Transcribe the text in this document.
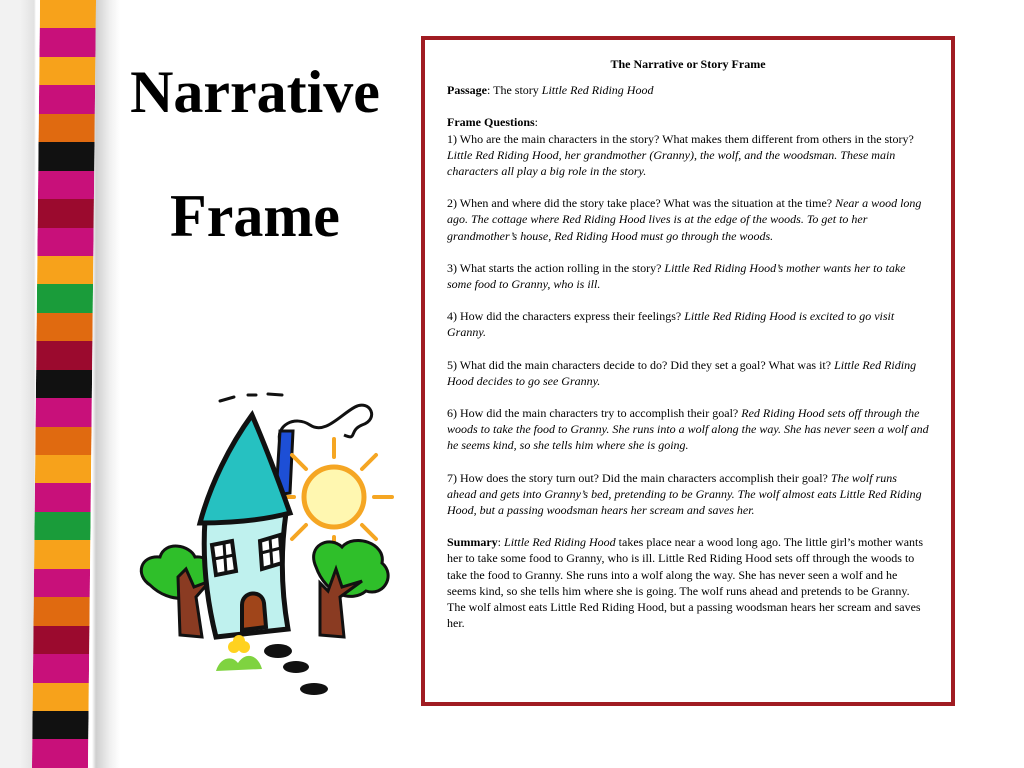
Narrative
Frame

The Narrative or Story Frame

Passage: The story Little Red Riding Hood

Frame Questions:

1) Who are the main characters in the story? What makes them different from others in the story? Little Red Riding Hood, her grandmother (Granny), the wolf, and the woodsman. These main characters all play a big role in the story.

2) When and where did the story take place? What was the situation at the time? Near a wood long ago. The cottage where Red Riding Hood lives is at the edge of the woods. To get to her grandmother’s house, Red Riding Hood must go through the woods.

3) What starts the action rolling in the story? Little Red Riding Hood’s mother wants her to take some food to Granny, who is ill.

4) How did the characters express their feelings? Little Red Riding Hood is excited to go visit Granny.

5) What did the main characters decide to do? Did they set a goal? What was it? Little Red Riding Hood decides to go see Granny.

6) How did the main characters try to accomplish their goal? Red Riding Hood sets off through the woods to take the food to Granny. She runs into a wolf along the way. She has never seen a wolf and he seems kind, so she tells him where she is going.

7) How does the story turn out? Did the main characters accomplish their goal? The wolf runs ahead and gets into Granny’s bed, pretending to be Granny. The wolf almost eats Little Red Riding Hood, but a passing woodsman hears her scream and saves her.

Summary: Little Red Riding Hood takes place near a wood long ago. The little girl’s mother wants her to take some food to Granny, who is ill. Little Red Riding Hood sets off through the woods to take the food to Granny. She runs into a wolf along the way. She has never seen a wolf and he seems kind, so she tells him where she is going. The wolf runs ahead and pretends to be Granny. The wolf almost eats Little Red Riding Hood, but a passing woodsman hears her scream and saves her.
